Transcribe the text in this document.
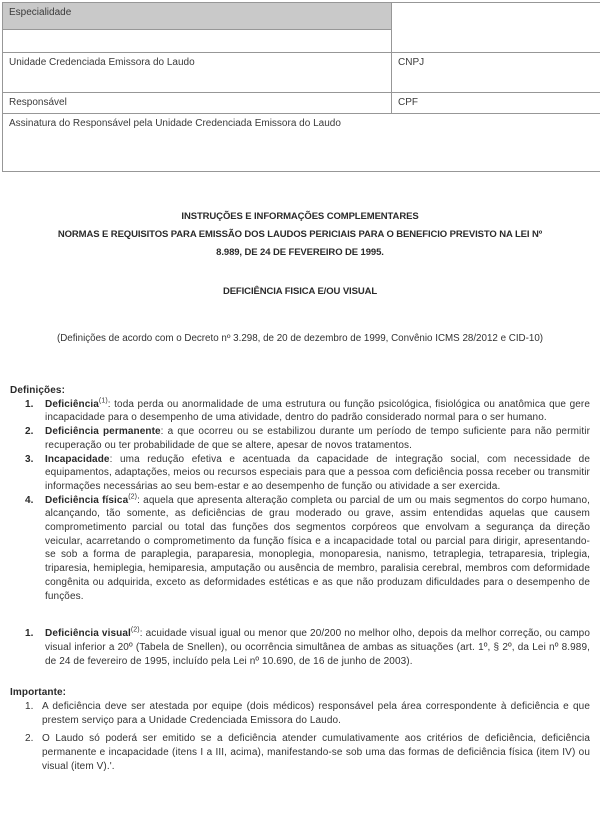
Especialidade	

Unidade Credenciada Emissora do Laudo	CNPJ
Responsável	CPF
Assinatura do Responsável pela Unidade Credenciada Emissora do Laudo	
INSTRUÇÕES E INFORMAÇÕES COMPLEMENTARES
NORMAS E REQUISITOS PARA EMISSÃO DOS LAUDOS PERICIAIS PARA O BENEFICIO PREVISTO NA LEI Nº
8.989, DE 24 DE FEVEREIRO DE 1995.
DEFICIÊNCIA FISICA E/OU VISUAL
(Definições de acordo com o Decreto nº 3.298, de 20 de dezembro de 1999, Convênio ICMS 28/2012 e CID-10)
Definições:
1.	Deficiência$^{(1)}$: toda perda ou anormalidade de uma estrutura ou função psicológica, fisiológica ou anatômica que gere incapacidade para o desempenho de uma atividade, dentro do padrão considerado normal para o ser humano.
2.	Deficiência permanente: a que ocorreu ou se estabilizou durante um período de tempo suficiente para não permitir recuperação ou ter probabilidade de que se altere, apesar de novos tratamentos.
3.	Incapacidade: uma redução efetiva e acentuada da capacidade de integração social, com necessidade de equipamentos, adaptações, meios ou recursos especiais para que a pessoa com deficiência possa receber ou transmitir informações necessárias ao seu bem-estar e ao desempenho de função ou atividade a ser exercida.
4.	Deficiência física$^{(2)}$: aquela que apresenta alteração completa ou parcial de um ou mais segmentos do corpo humano, alcançando, tão somente, as deficiências de grau moderado ou grave, assim entendidas aquelas que causem comprometimento parcial ou total das funções dos segmentos corpóreos que envolvam a segurança da direção veicular, acarretando o comprometimento da função física e a incapacidade total ou parcial para dirigir, apresentando-se sob a forma de paraplegia, paraparesia, monoplegia, monoparesia, nanismo, tetraplegia, tetraparesia, triplegia, triparesia, hemiplegia, hemiparesia, amputação ou ausência de membro, paralisia cerebral, membros com deformidade congênita ou adquirida, exceto as deformidades estéticas e as que não produzam dificuldades para o desempenho de funções.
1.	Deficiência visual$^{(2)}$: acuidade visual igual ou menor que 20/200 no melhor olho, depois da melhor correção, ou campo visual inferior a 20º (Tabela de Snellen), ou ocorrência simultânea de ambas as situações (art. 1º, § 2º, da Lei nº 8.989, de 24 de fevereiro de 1995, incluído pela Lei nº 10.690, de 16 de junho de 2003).
Importante:
1. A deficiência deve ser atestada por equipe (dois médicos) responsável pela área correspondente à deficiência e que prestem serviço para a Unidade Credenciada Emissora do Laudo.
2. O Laudo só poderá ser emitido se a deficiência atender cumulativamente aos critérios de deficiência, deficiência permanente e incapacidade (itens I a III, acima), manifestando-se sob uma das formas de deficiência física (item IV) ou visual (item V).'.
